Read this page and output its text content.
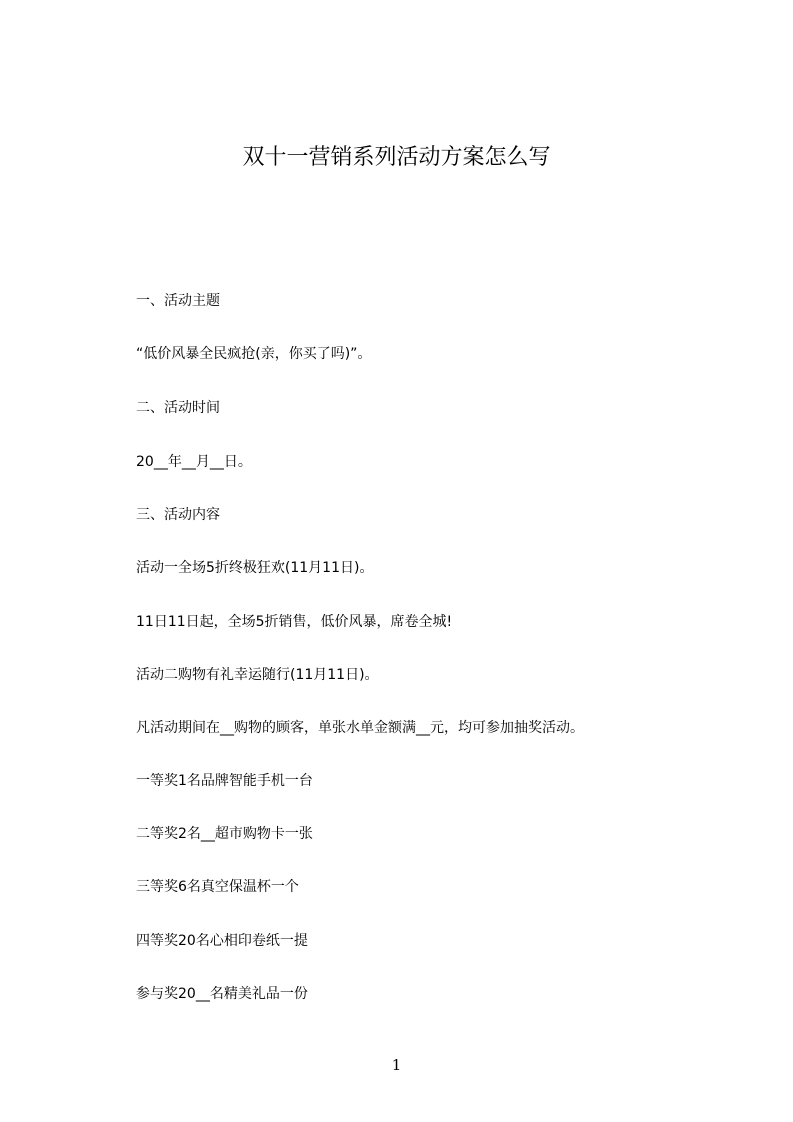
双十一营销系列活动方案怎么写
一、活动主题
“低价风暴全民疯抢(亲，你买了吗)”。
二、活动时间
20__年__月__日。
三、活动内容
活动一全场5折终极狂欢(11月11日)。
11日11日起，全场5折销售，低价风暴，席卷全城!
活动二购物有礼幸运随行(11月11日)。
凡活动期间在__购物的顾客，单张水单金额满__元，均可参加抽奖活动。
一等奖1名品牌智能手机一台
二等奖2名__超市购物卡一张
三等奖6名真空保温杯一个
四等奖20名心相印卷纸一提
参与奖20__名精美礼品一份
1
